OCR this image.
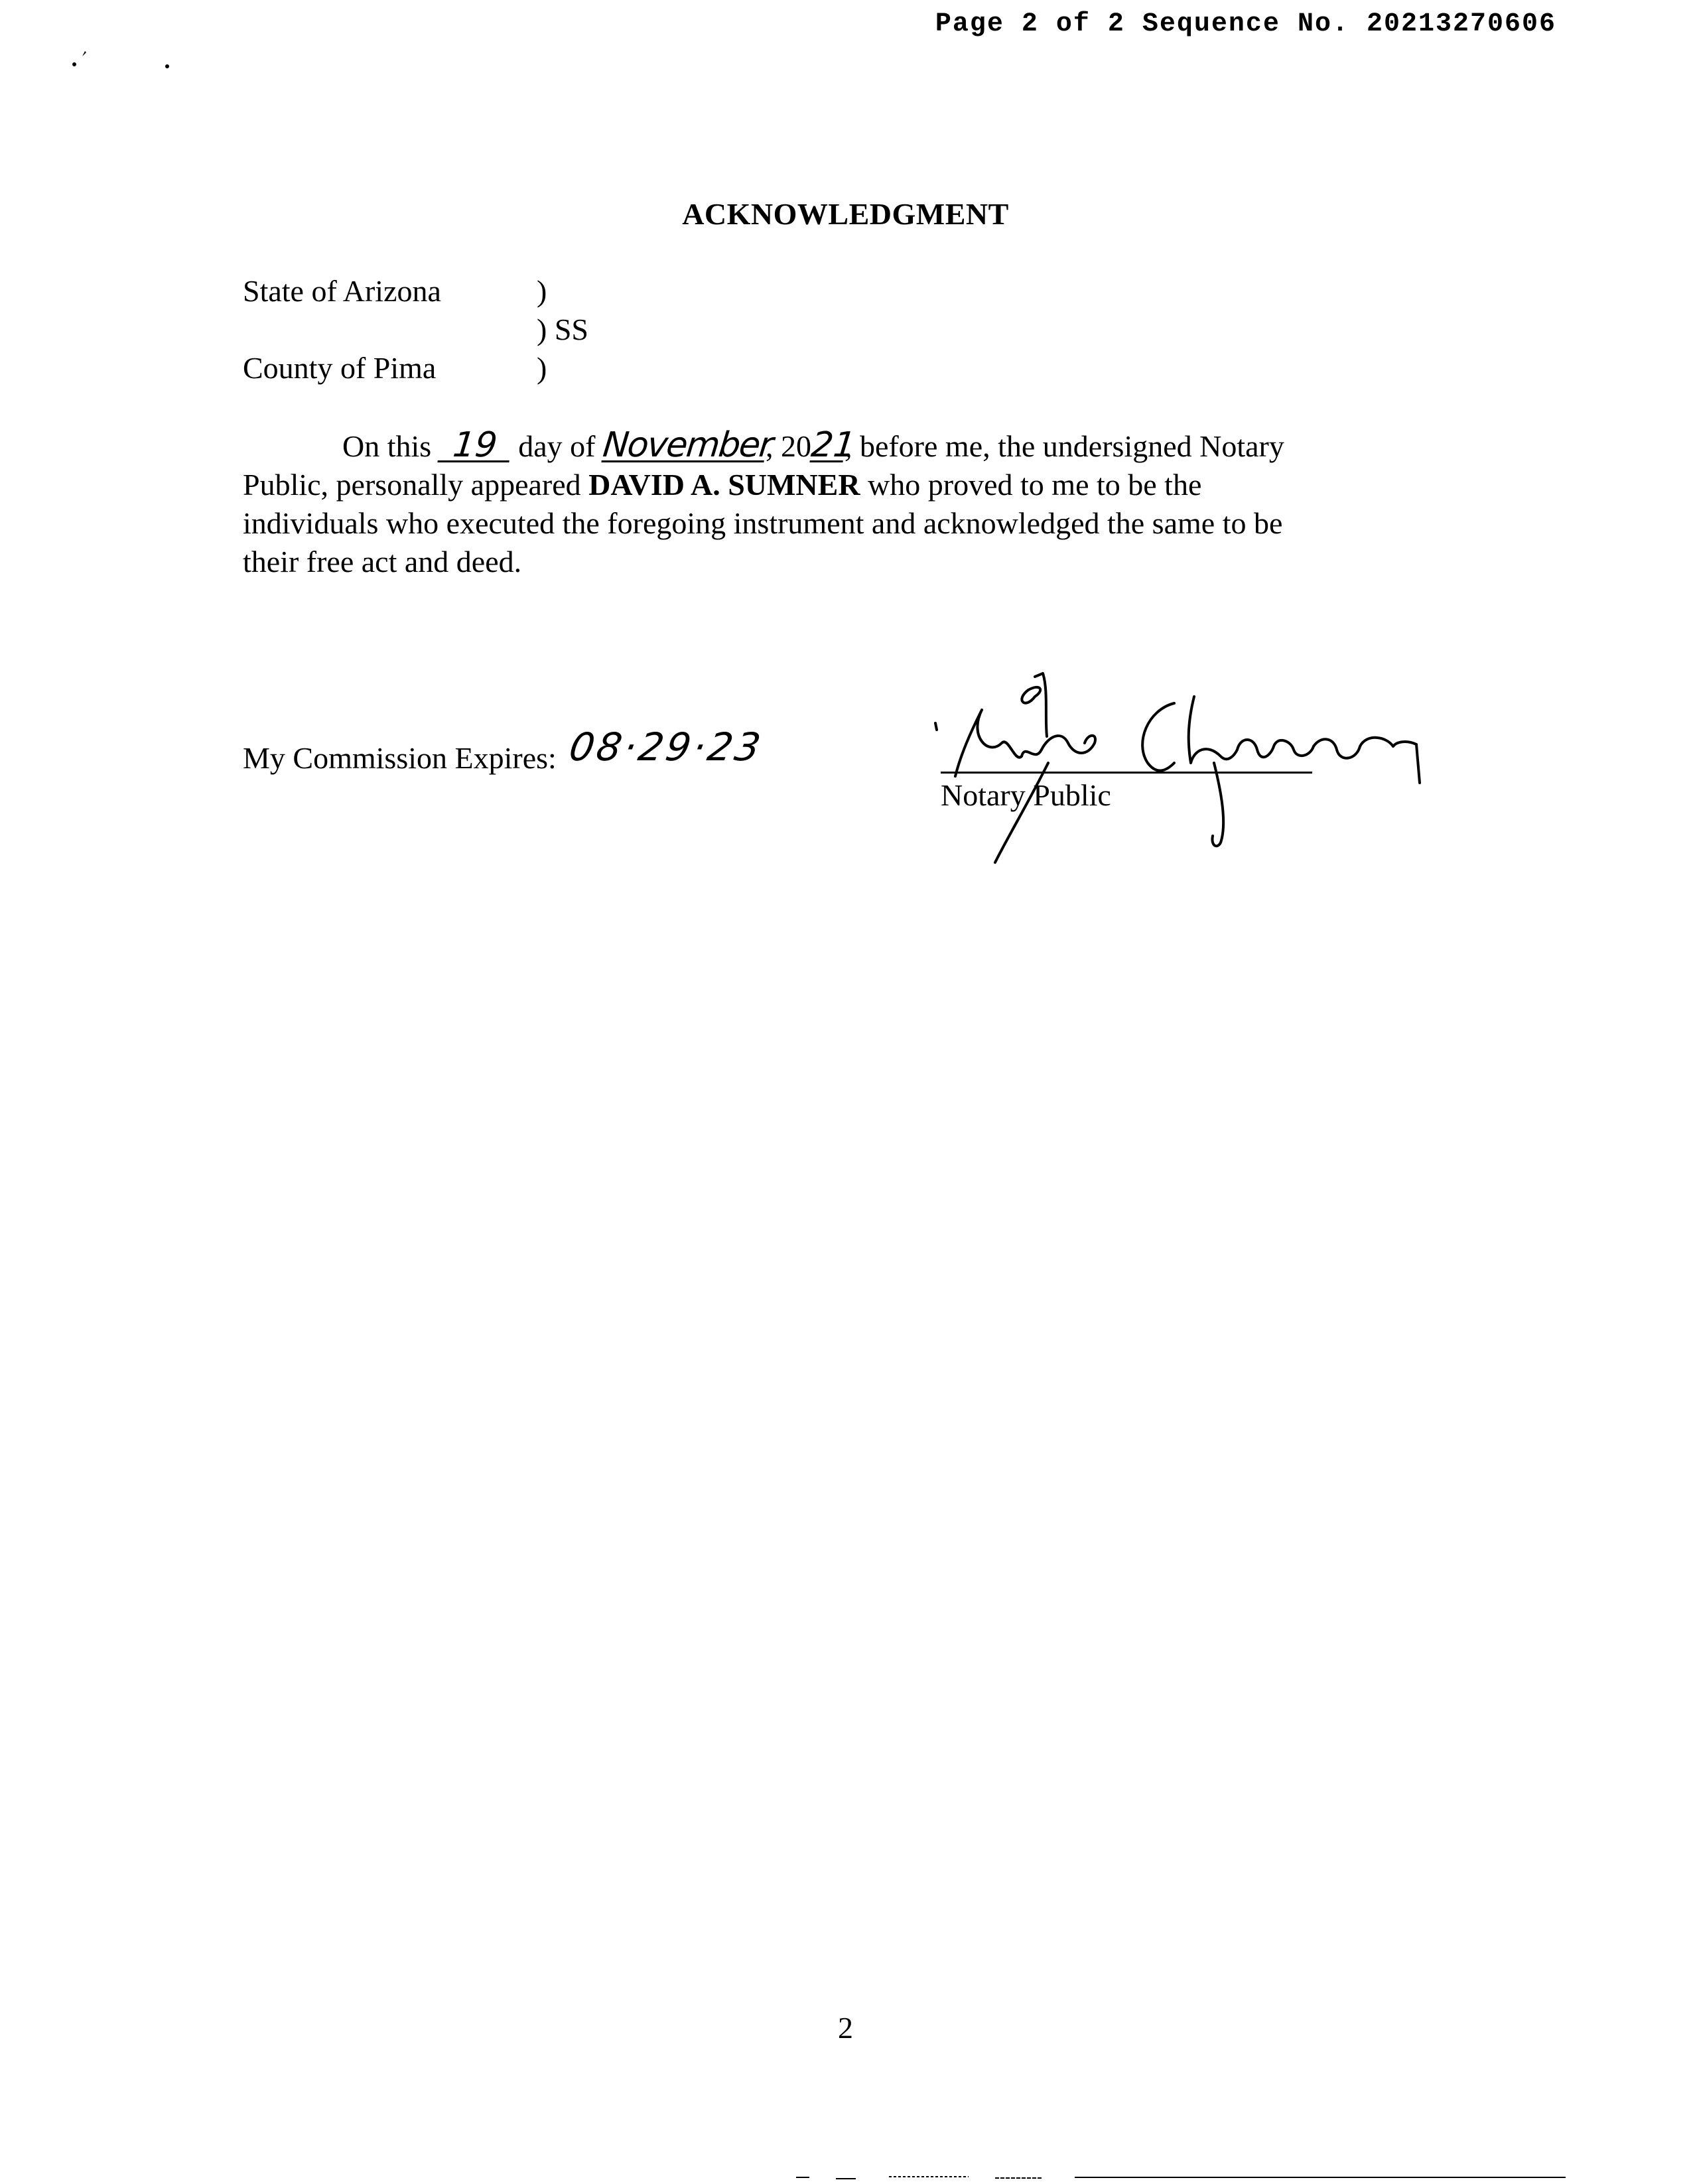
Page 2 of 2 Sequence No. 20213270606
ACKNOWLEDGMENT
State of Arizona	)
) SS
County of Pima	)
On this 19 day of November, 2021, before me, the undersigned Notary
Public, personally appeared DAVID A. SUMNER who proved to me to be the
individuals who executed the foregoing instrument and acknowledged the same to be
their free act and deed.
My Commission Expires: 08·29·23
Notary Public
2
